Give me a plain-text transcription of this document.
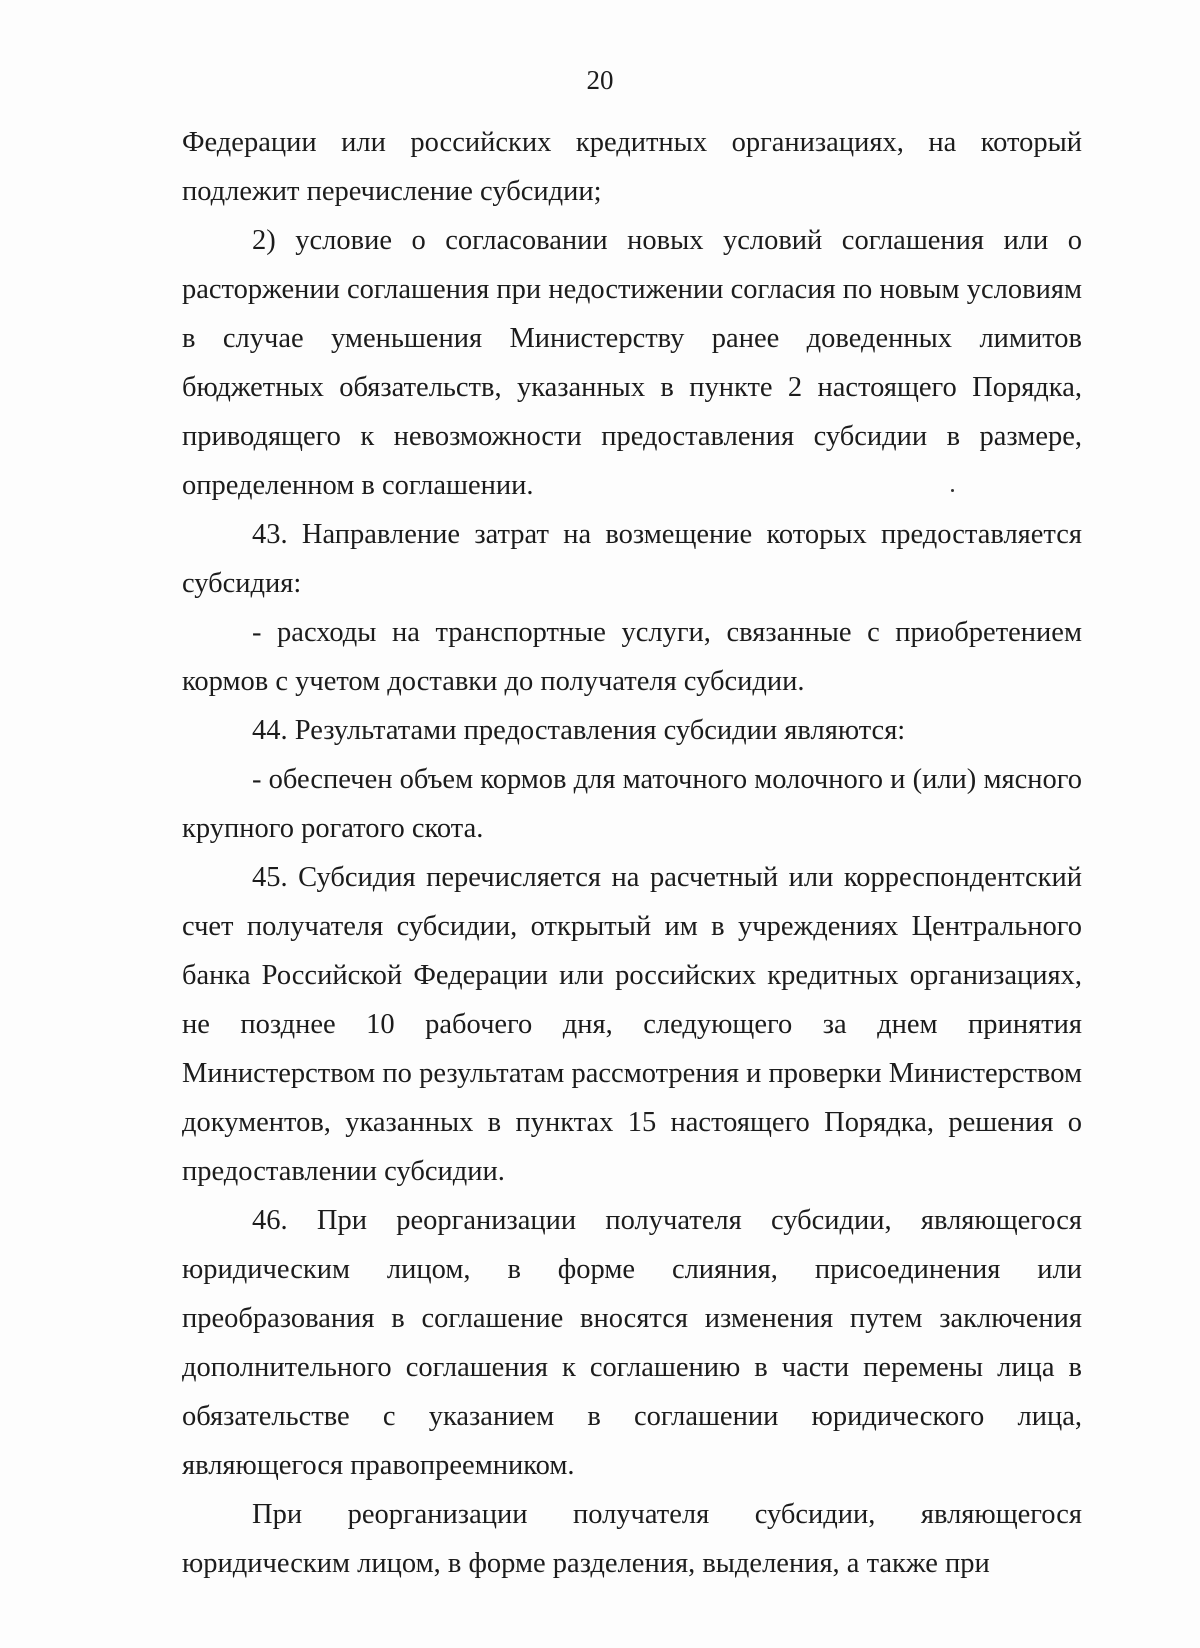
20

Федерации или российских кредитных организациях, на который подлежит перечисление субсидии;

2) условие о согласовании новых условий соглашения или о расторжении соглашения при недостижении согласия по новым условиям в случае уменьшения Министерству ранее доведенных лимитов бюджетных обязательств, указанных в пункте 2 настоящего Порядка, приводящего к невозможности предоставления субсидии в размере, определенном в соглашении.

43. Направление затрат на возмещение которых предоставляется субсидия:

- расходы на транспортные услуги, связанные с приобретением кормов с учетом доставки до получателя субсидии.

44. Результатами предоставления субсидии являются:

- обеспечен объем кормов для маточного молочного и (или) мясного крупного рогатого скота.

45. Субсидия перечисляется на расчетный или корреспондентский счет получателя субсидии, открытый им в учреждениях Центрального банка Российской Федерации или российских кредитных организациях, не позднее 10 рабочего дня, следующего за днем принятия Министерством по результатам рассмотрения и проверки Министерством документов, указанных в пунктах 15 настоящего Порядка, решения о предоставлении субсидии.

46. При реорганизации получателя субсидии, являющегося юридическим лицом, в форме слияния, присоединения или преобразования в соглашение вносятся изменения путем заключения дополнительного соглашения к соглашению в части перемены лица в обязательстве с указанием в соглашении юридического лица, являющегося правопреемником.

При реорганизации получателя субсидии, являющегося юридическим лицом, в форме разделения, выделения, а также при
